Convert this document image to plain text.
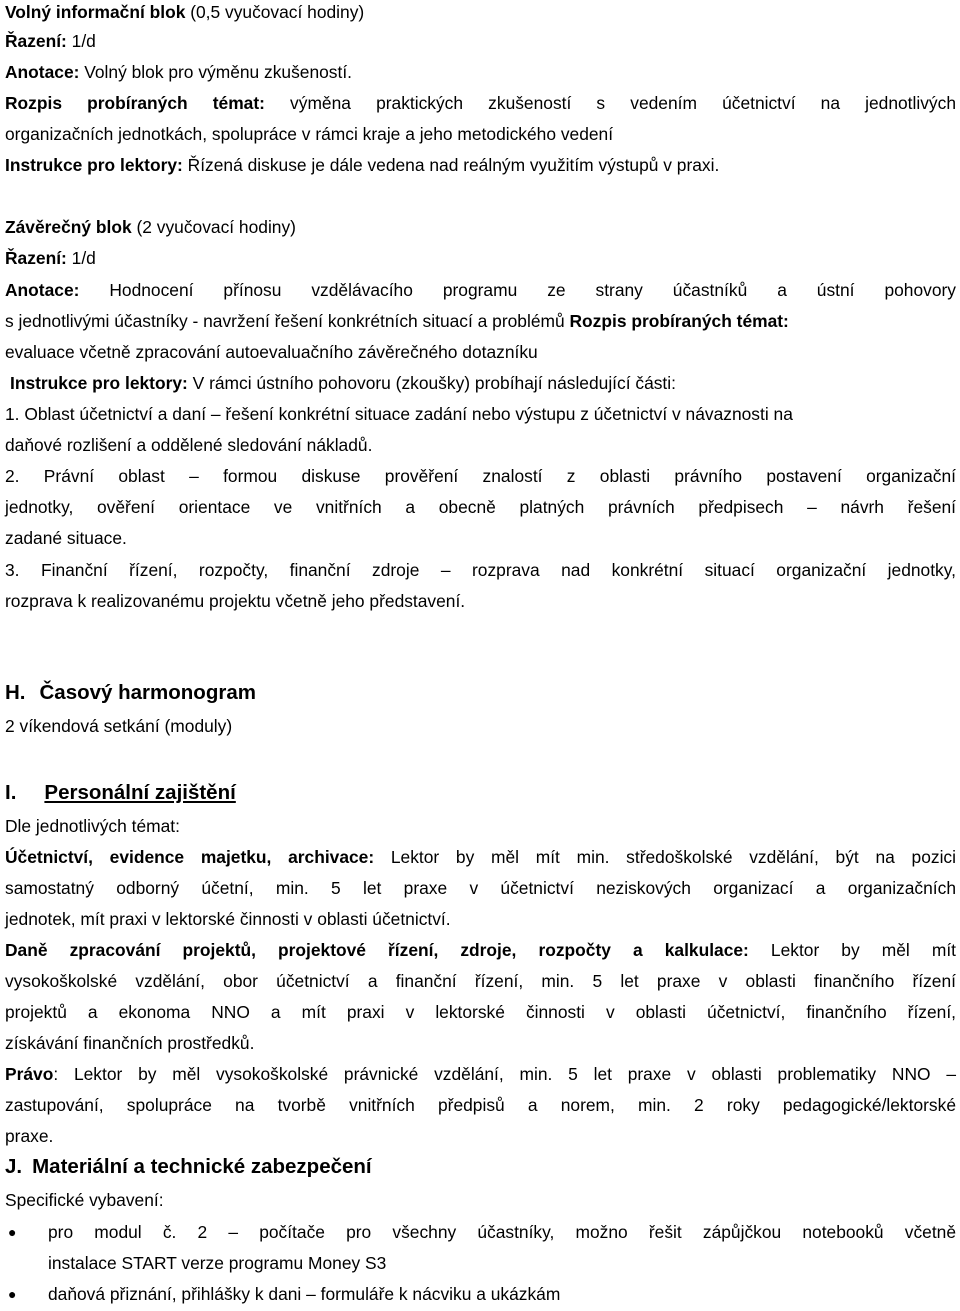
Volný informační blok (0,5 vyučovací hodiny)
Řazení: 1/d
Anotace: Volný blok pro výměnu zkušeností.
Rozpis probíraných témat: výměna praktických zkušeností s vedením účetnictví na jednotlivých
organizačních jednotkách, spolupráce v rámci kraje a jeho metodického vedení
Instrukce pro lektory: Řízená diskuse je dále vedena nad reálným využitím výstupů v praxi.
Závěrečný blok (2 vyučovací hodiny)
Řazení: 1/d
Anotace: Hodnocení přínosu vzdělávacího programu ze strany účastníků a ústní pohovory
s jednotlivými účastníky - navržení řešení konkrétních situací a problémů Rozpis probíraných témat:
evaluace včetně zpracování autoevaluačního závěrečného dotazníku
Instrukce pro lektory: V rámci ústního pohovoru (zkoušky) probíhají následující části:
1. Oblast účetnictví a daní – řešení konkrétní situace zadání nebo výstupu z účetnictví v návaznosti na
daňové rozlišení a oddělené sledování nákladů.
2. Právní oblast – formou diskuse prověření znalostí z oblasti právního postavení organizační
jednotky, ověření orientace ve vnitřních a obecně platných právních předpisech – návrh řešení
zadané situace.
3. Finanční řízení, rozpočty, finanční zdroje – rozprava nad konkrétní situací organizační jednotky,
rozprava k realizovanému projektu včetně jeho představení.
H. Časový harmonogram
2 víkendová setkání (moduly)
I. Personální zajištění
Dle jednotlivých témat:
Účetnictví, evidence majetku, archivace: Lektor by měl mít min. středoškolské vzdělání, být na pozici
samostatný odborný účetní, min. 5 let praxe v účetnictví neziskových organizací a organizačních
jednotek, mít praxi v lektorské činnosti v oblasti účetnictví.
Daně zpracování projektů, projektové řízení, zdroje, rozpočty a kalkulace: Lektor by měl mít
vysokoškolské vzdělání, obor účetnictví a finanční řízení, min. 5 let praxe v oblasti finančního řízení
projektů a ekonoma NNO a mít praxi v lektorské činnosti v oblasti účetnictví, finančního řízení,
získávání finančních prostředků.
Právo: Lektor by měl vysokoškolské právnické vzdělání, min. 5 let praxe v oblasti problematiky NNO –
zastupování, spolupráce na tvorbě vnitřních předpisů a norem, min. 2 roky pedagogické/lektorské
praxe.
J. Materiální a technické zabezpečení
Specifické vybavení:
● pro modul č. 2 – počítače pro všechny účastníky, možno řešit zápůjčkou notebooků včetně
instalace START verze programu Money S3
● daňová přiznání, přihlášky k dani – formuláře k nácviku a ukázkám
